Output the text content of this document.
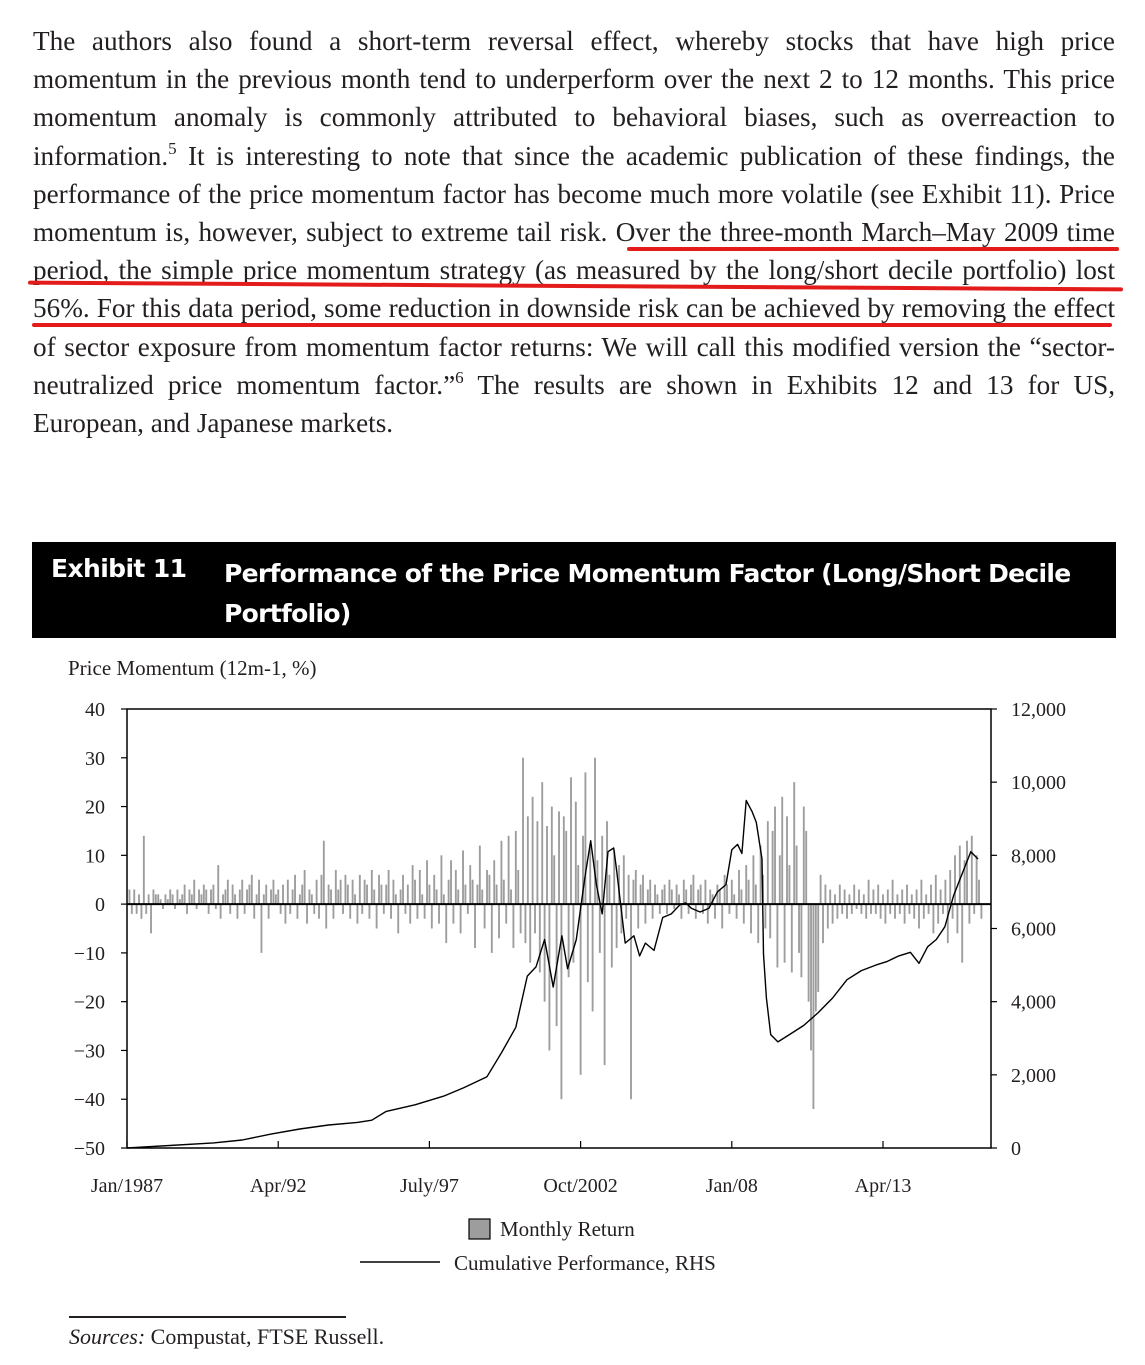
The authors also found a short-term reversal effect, whereby stocks that have high price momentum in the previous month tend to underperform over the next 2 to 12 months. This price momentum anomaly is commonly attributed to behavioral biases, such as overreaction to information.$^5$ It is interesting to note that since the academic publication of these findings, the performance of the price momentum factor has become much more volatile (see Exhibit 11). Price momentum is, however, subject to extreme tail risk. Over the three-month March–May 2009 time period, the simple price momentum strategy (as measured by the long/short decile portfolio) lost 56%. For this data period, some reduction in downside risk can be achieved by removing the effect of sector exposure from momentum factor returns: We will call this modified version the “sector-neutralized price momentum factor.”$^6$ The results are shown in Exhibits 12 and 13 for US, European, and Japanese markets.

Exhibit 11 Performance of the Price Momentum Factor (Long/Short Decile Portfolio)
Price Momentum (12m-1, %)
40
30
20
10
0
−10
−20
−30
−40
−50
12,000
10,000
8,000
6,000
4,000
2,000
0
Jan/1987	Apr/92	July/97	Oct/2002	Jan/08	Apr/13
Monthly Return
Cumulative Performance, RHS
Sources: Compustat, FTSE Russell.
